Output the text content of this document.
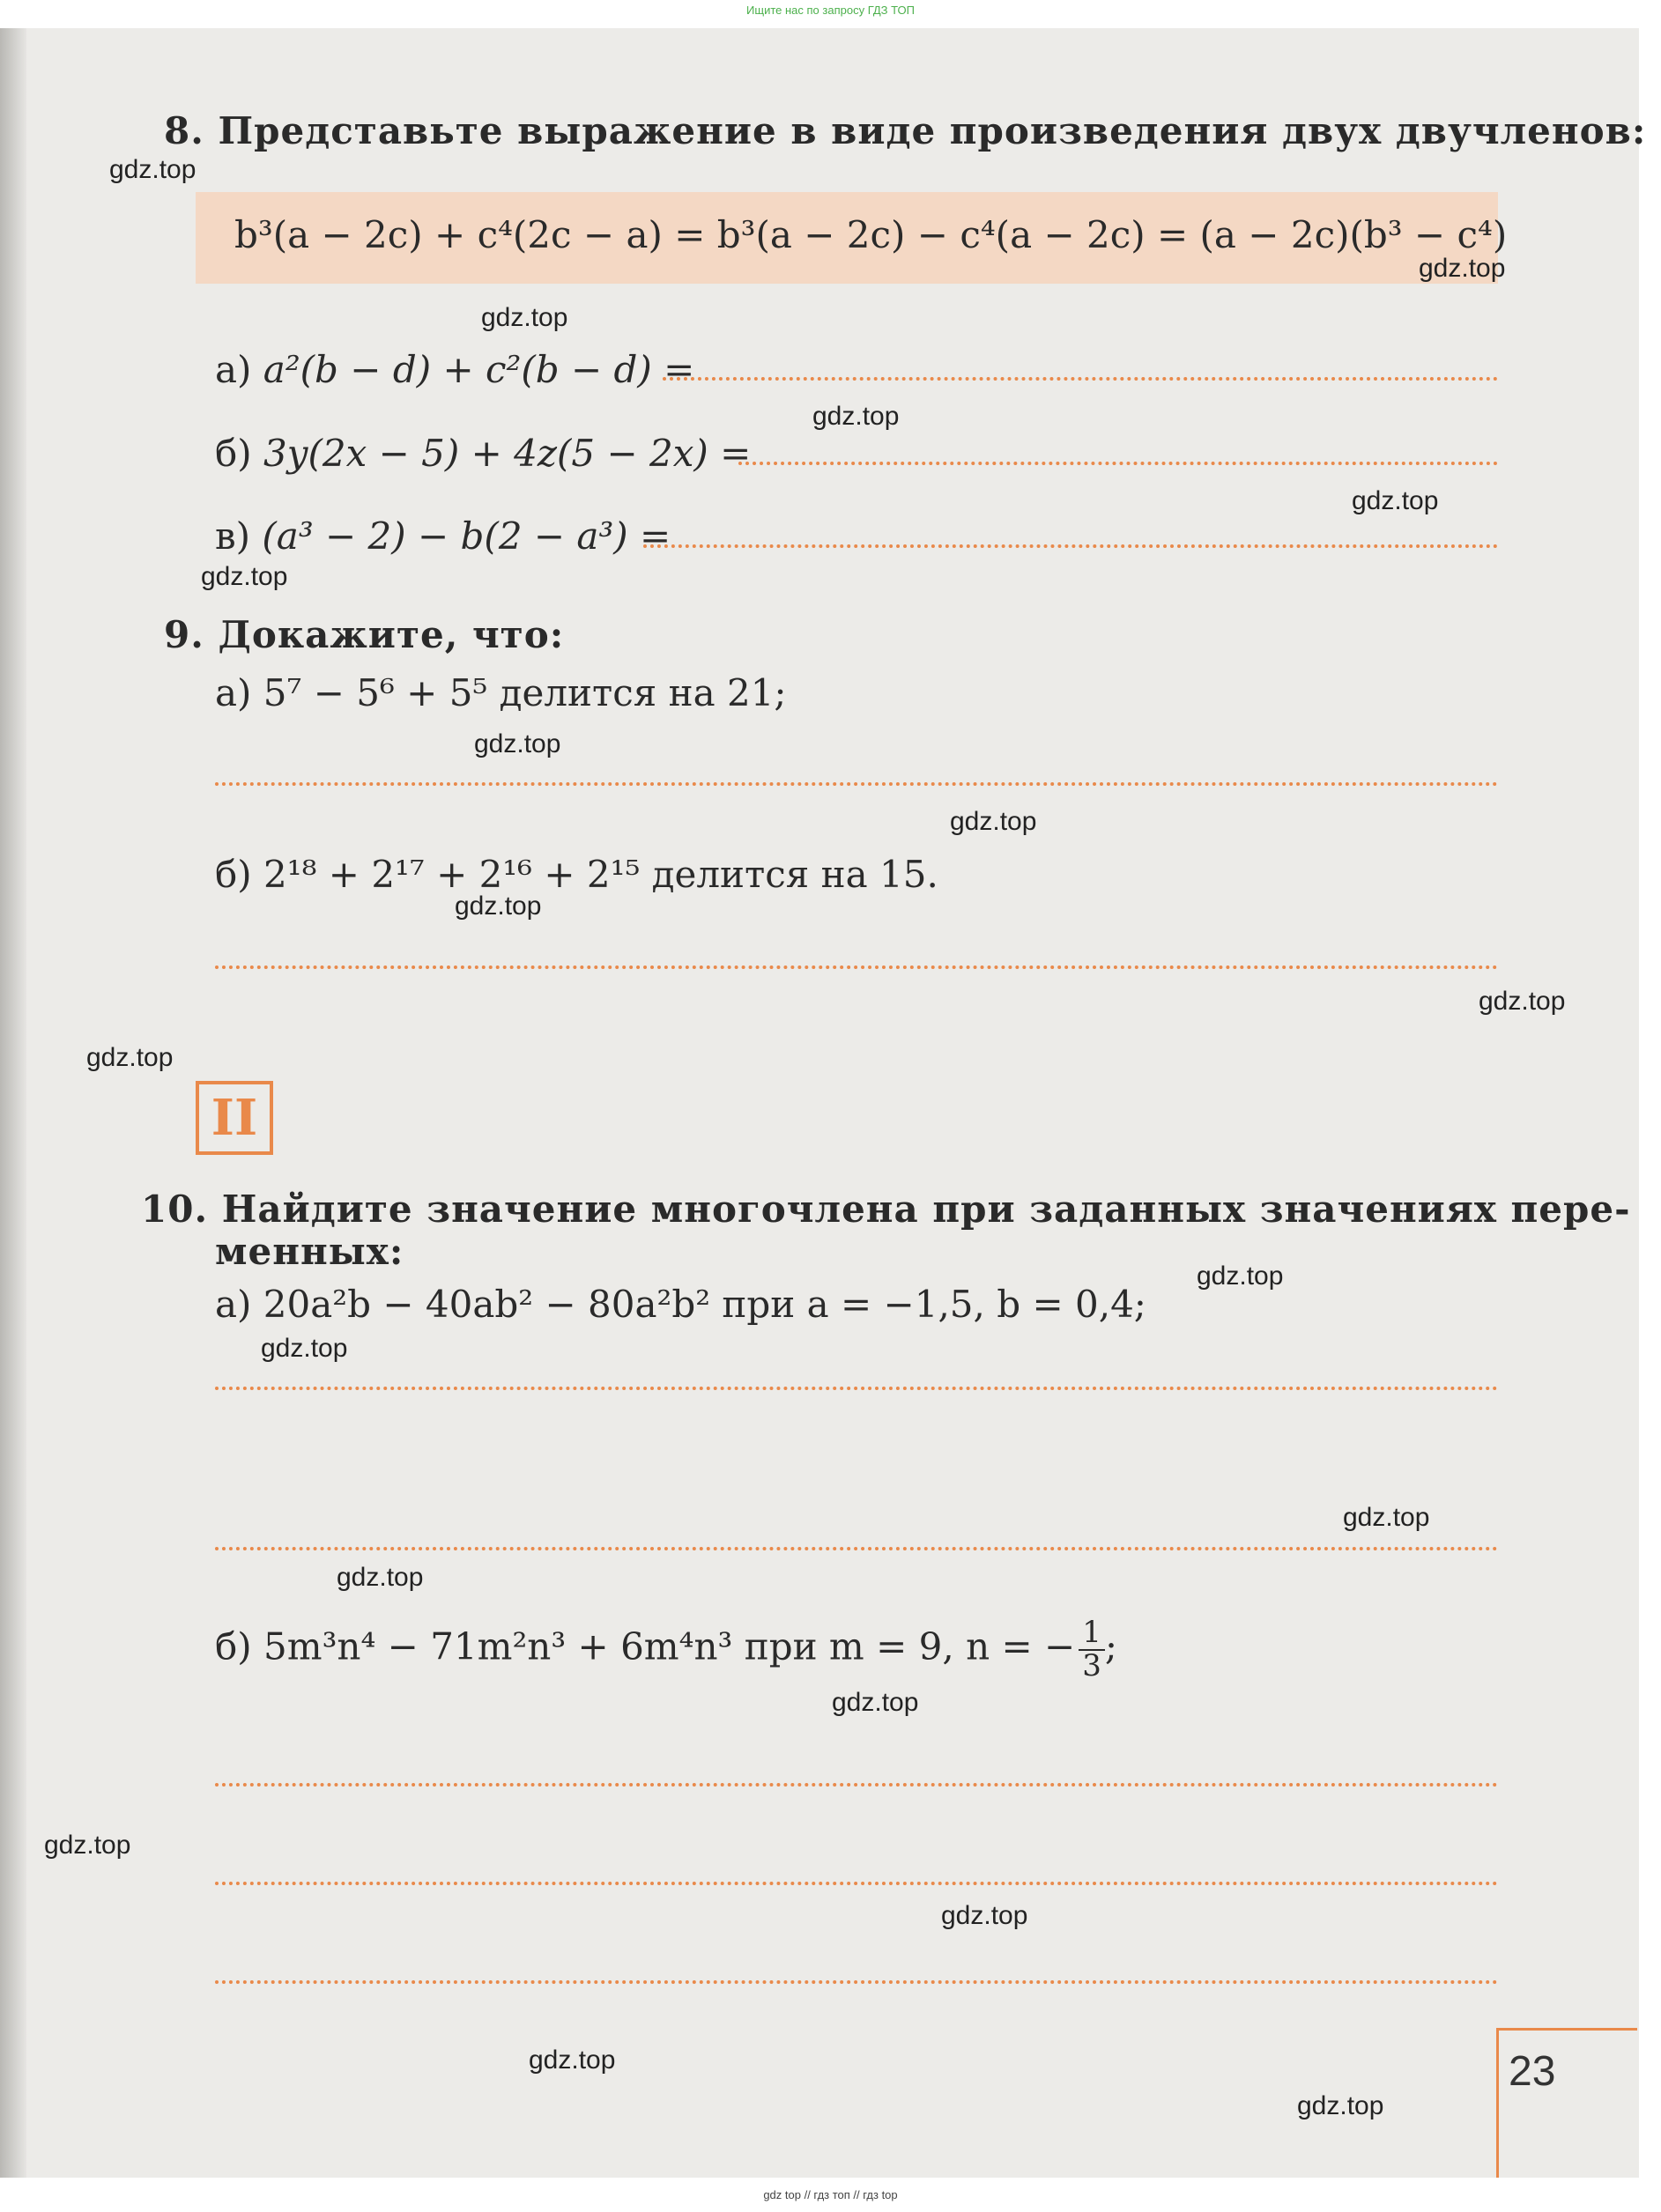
Ищите нас по запросу ГДЗ ТОП
8. Представьте выражение в виде произведения двух двучленов:
b³(a − 2c) + c⁴(2c − a) = b³(a − 2c) − c⁴(a − 2c) = (a − 2c)(b³ − c⁴)
а) a²(b − d) + c²(b − d) =
б) 3y(2x − 5) + 4z(5 − 2x) =
в) (a³ − 2) − b(2 − a³) =
9. Докажите, что:
а) 5⁷ − 5⁶ + 5⁵ делится на 21;
б) 2¹⁸ + 2¹⁷ + 2¹⁶ + 2¹⁵ делится на 15.
II
10. Найдите значение многочлена при заданных значениях пере-
менных:
а) 20a²b − 40ab² − 80a²b² при a = −1,5, b = 0,4;
б) 5m³n⁴ − 71m²n³ + 6m⁴n³ при m = 9, n = − $\frac{1}{3}$ ;
23
gdz.top
gdz.top
gdz.top
gdz.top
gdz.top
gdz.top
gdz.top
gdz.top
gdz.top
gdz.top
gdz.top
gdz.top
gdz.top
gdz.top
gdz.top
gdz.top
gdz.top
gdz.top
gdz.top
gdz.top
gdz top // гдз топ // гдз top
